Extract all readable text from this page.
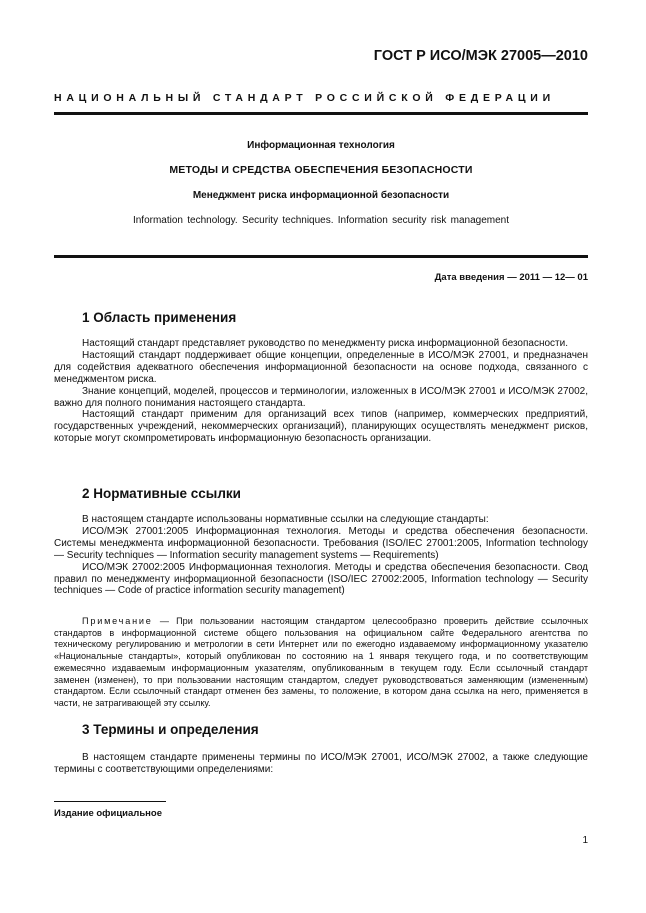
ГОСТ Р ИСО/МЭК 27005—2010
НАЦИОНАЛЬНЫЙ СТАНДАРТ РОССИЙСКОЙ ФЕДЕРАЦИИ
Информационная технология
МЕТОДЫ И СРЕДСТВА ОБЕСПЕЧЕНИЯ БЕЗОПАСНОСТИ
Менеджмент риска информационной безопасности
Information technology. Security techniques. Information security risk management
Дата введения — 2011 — 12— 01
1 Область применения

Настоящий стандарт представляет руководство по менеджменту риска информационной безопасности.

Настоящий стандарт поддерживает общие концепции, определенные в ИСО/МЭК 27001, и предназначен для содействия адекватного обеспечения информационной безопасности на основе подхода, связанного с менеджментом риска.

Знание концепций, моделей, процессов и терминологии, изложенных в ИСО/МЭК 27001 и ИСО/МЭК 27002, важно для полного понимания настоящего стандарта.

Настоящий стандарт применим для организаций всех типов (например, коммерческих предприятий, государственных учреждений, некоммерческих организаций), планирующих осуществлять менеджмент рисков, которые могут скомпрометировать информационную безопасность организации.

2 Нормативные ссылки

В настоящем стандарте использованы нормативные ссылки на следующие стандарты:

ИСО/МЭК 27001:2005 Информационная технология. Методы и средства обеспечения безопасности. Системы менеджмента информационной безопасности. Требования (ISO/IEC 27001:2005, Information technology — Security techniques — Information security management systems — Requirements)

ИСО/МЭК 27002:2005 Информационная технология. Методы и средства обеспечения безопасности. Свод правил по менеджменту информационной безопасности (ISO/IEC 27002:2005, Information technology — Security techniques — Code of practice information security management)

Примечание — При пользовании настоящим стандартом целесообразно проверить действие ссылочных стандартов в информационной системе общего пользования на официальном сайте Федерального агентства по техническому регулированию и метрологии в сети Интернет или по ежегодно издаваемому информационному указателю «Национальные стандарты», который опубликован по состоянию на 1 января текущего года, и по соответствующим ежемесячно издаваемым информационным указателям, опубликованным в текущем году. Если ссылочный стандарт заменен (изменен), то при пользовании настоящим стандартом, следует руководствоваться заменяющим (измененным) стандартом. Если ссылочный стандарт отменен без замены, то положение, в котором дана ссылка на него, применяется в части, не затрагивающей эту ссылку.

3 Термины и определения

В настоящем стандарте применены термины по ИСО/МЭК 27001, ИСО/МЭК 27002, а также следующие термины с соответствующими определениями:

Издание официальное
1
